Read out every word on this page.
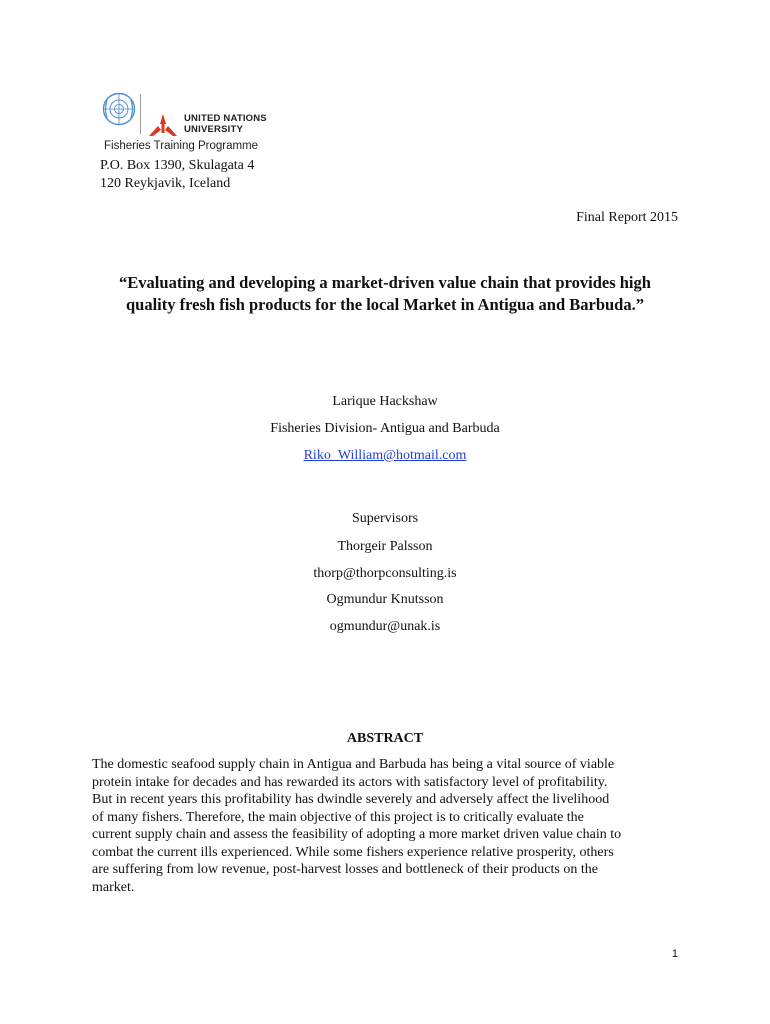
UNITED NATIONS
UNIVERSITY
Fisheries Training Programme
P.O. Box 1390, Skulagata 4
120 Reykjavik, Iceland
Final Report 2015
“Evaluating and developing a market-driven value chain that provides high
quality fresh fish products for the local Market in Antigua and Barbuda.”
Larique Hackshaw
Fisheries Division- Antigua and Barbuda
Riko_William@hotmail.com
Supervisors
Thorgeir Palsson
thorp@thorpconsulting.is
Ogmundur Knutsson
ogmundur@unak.is
ABSTRACT
The domestic seafood supply chain in Antigua and Barbuda has being a vital source of viable
protein intake for decades and has rewarded its actors with satisfactory level of profitability.
But in recent years this profitability has dwindle severely and adversely affect the livelihood
of many fishers. Therefore, the main objective of this project is to critically evaluate the
current supply chain and assess the feasibility of adopting a more market driven value chain to
combat the current ills experienced. While some fishers experience relative prosperity, others
are suffering from low revenue, post-harvest losses and bottleneck of their products on the
market.
1
